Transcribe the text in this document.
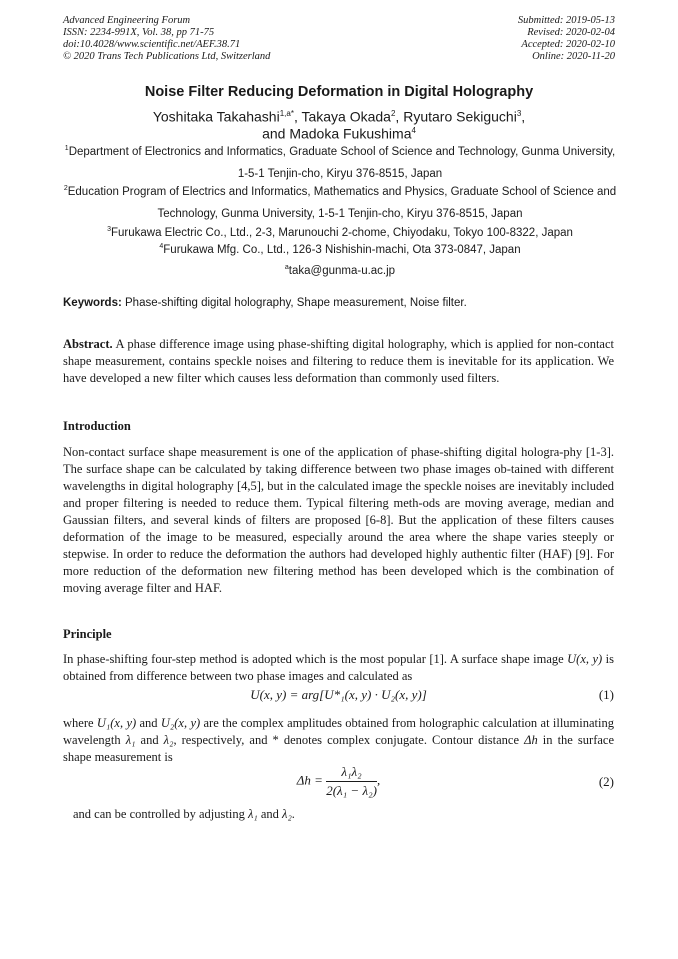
Advanced Engineering Forum
ISSN: 2234-991X, Vol. 38, pp 71-75
doi:10.4028/www.scientific.net/AEF.38.71
© 2020 Trans Tech Publications Ltd, Switzerland
Submitted: 2019-05-13
Revised: 2020-02-04
Accepted: 2020-02-10
Online: 2020-11-20
Noise Filter Reducing Deformation in Digital Holography
Yoshitaka Takahashi$^{1,a*}$, Takaya Okada$^2$, Ryutaro Sekiguchi$^3$,
and Madoka Fukushima$^4$
$^1$Department of Electronics and Informatics, Graduate School of Science and Technology, Gunma University, 1-5-1 Tenjin-cho, Kiryu 376-8515, Japan
$^2$Education Program of Electrics and Informatics, Mathematics and Physics, Graduate School of Science and Technology, Gunma University, 1-5-1 Tenjin-cho, Kiryu 376-8515, Japan
$^3$Furukawa Electric Co., Ltd., 2-3, Marunouchi 2-chome, Chiyodaku, Tokyo 100-8322, Japan
$^4$Furukawa Mfg. Co., Ltd., 126-3 Nishishin-machi, Ota 373-0847, Japan
$^a$taka@gunma-u.ac.jp
Keywords: Phase-shifting digital holography, Shape measurement, Noise filter.
Abstract. A phase difference image using phase-shifting digital holography, which is applied for non-contact shape measurement, contains speckle noises and filtering to reduce them is inevitable for its application. We have developed a new filter which causes less deformation than commonly used filters.
Introduction
Non-contact surface shape measurement is one of the application of phase-shifting digital hologra-phy [1-3]. The surface shape can be calculated by taking difference between two phase images ob-tained with different wavelengths in digital holography [4,5], but in the calculated image the speckle noises are inevitably included and proper filtering is needed to reduce them. Typical filtering meth-ods are moving average, median and Gaussian filters, and several kinds of filters are proposed [6-8]. But the application of these filters causes deformation of the image to be measured, especially around the area where the shape varies steeply or stepwise. In order to reduce the deformation the authors had developed highly authentic filter (HAF) [9]. For more reduction of the deformation new filtering method has been developed which is the combination of moving average filter and HAF.
Principle
In phase-shifting four-step method is adopted which is the most popular [1]. A surface shape image U(x, y) is obtained from difference between two phase images and calculated as
U(x, y) = arg[U*₁(x, y) · U₂(x, y)]	(1)
where U₁(x, y) and U₂(x, y) are the complex amplitudes obtained from holographic calculation at illuminating wavelength λ₁ and λ₂, respectively, and * denotes complex conjugate. Contour distance Δh in the surface shape measurement is
$\Delta h = \frac{\text{λ₁λ₂}}{\text{2(λ₁ − λ₂)}}$ ,	(2)
and can be controlled by adjusting λ₁ and λ₂.
